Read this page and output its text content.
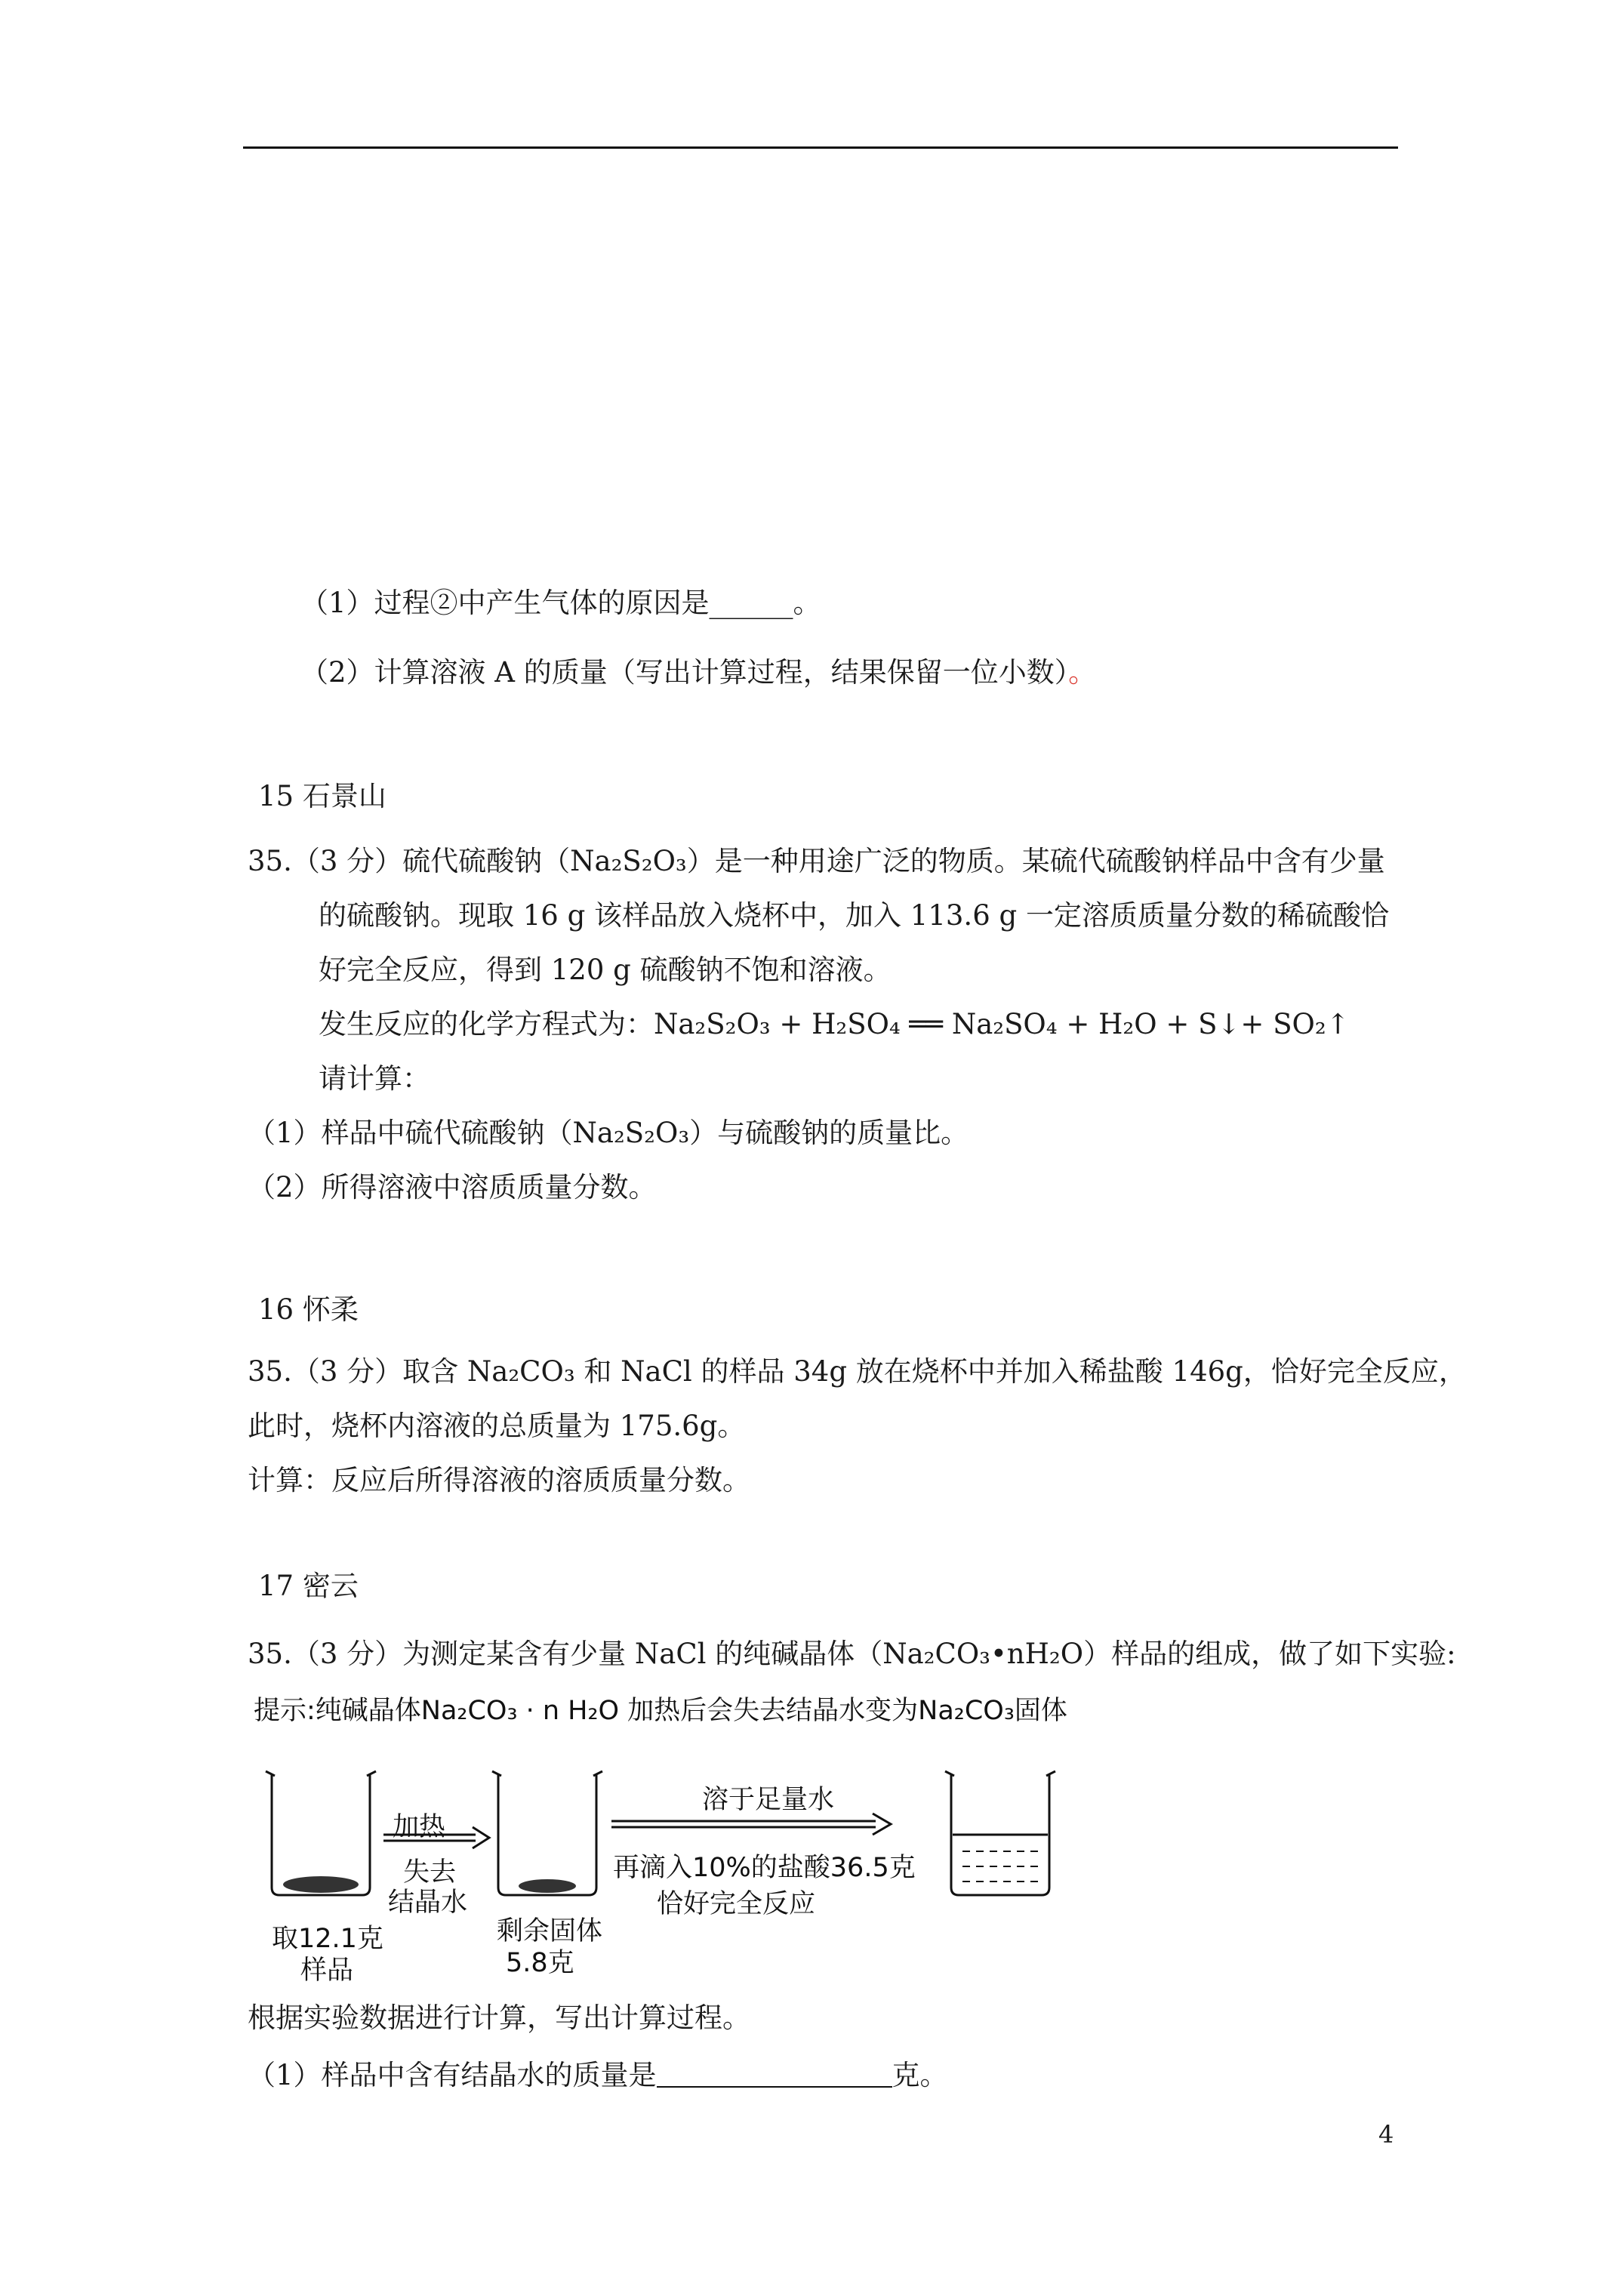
（1）过程②中产生气体的原因是______。
（2）计算溶液 A 的质量（写出计算过程，结果保留一位小数）。
15 石景山
35.（3 分）硫代硫酸钠（Na₂S₂O₃）是一种用途广泛的物质。某硫代硫酸钠样品中含有少量
的硫酸钠。现取 16 g 该样品放入烧杯中，加入 113.6 g 一定溶质质量分数的稀硫酸恰
好完全反应，得到 120 g 硫酸钠不饱和溶液。
发生反应的化学方程式为：Na₂S₂O₃ + H₂SO₄ ══ Na₂SO₄ + H₂O + S↓+ SO₂↑
请计算：
（1）样品中硫代硫酸钠（Na₂S₂O₃）与硫酸钠的质量比。
（2）所得溶液中溶质质量分数。
16 怀柔
35.（3 分）取含 Na₂CO₃ 和 NaCl 的样品 34g 放在烧杯中并加入稀盐酸 146g，恰好完全反应，
此时，烧杯内溶液的总质量为 175.6g。
计算：反应后所得溶液的溶质质量分数。
17 密云
35.（3 分）为测定某含有少量 NaCl 的纯碱晶体（Na₂CO₃•nH₂O）样品的组成，做了如下实验:
提示:纯碱晶体Na₂CO₃ · n H₂O 加热后会失去结晶水变为Na₂CO₃固体
加热
失去
结晶水
取12.1克
样品
剩余固体
5.8克
溶于足量水
再滴入10%的盐酸36.5克
恰好完全反应
根据实验数据进行计算，写出计算过程。
（1）样品中含有结晶水的质量是	克。
4
